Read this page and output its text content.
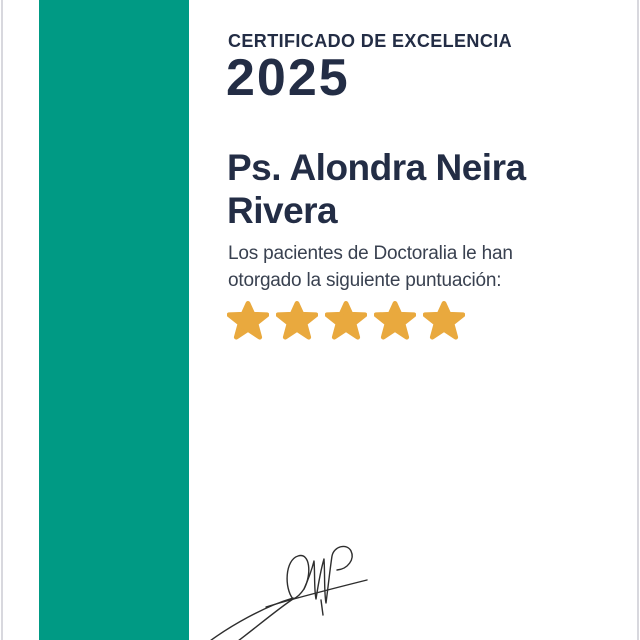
CERTIFICADO DE EXCELENCIA
2025
Ps. Alondra Neira
Rivera
Los pacientes de Doctoralia le han
otorgado la siguiente puntuación:
